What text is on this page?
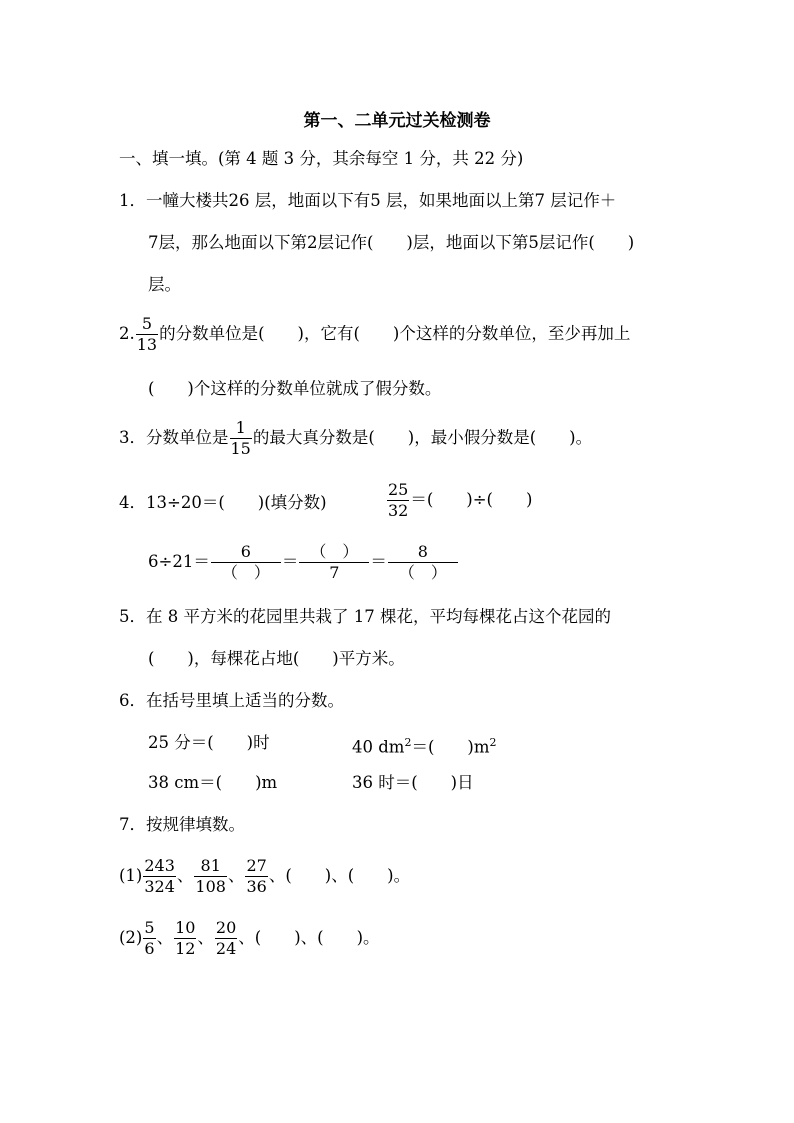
第一、二单元过关检测卷
一、填一填。(第 4 题 3 分，其余每空 1 分，共 22 分)
1．一幢大楼共26 层，地面以下有5 层，如果地面以上第7 层记作＋
7层，那么地面以下第2层记作(　　)层，地面以下第5层记作(　　)
层。
2. $\frac{5}{13}$ 的分数单位是(　　)，它有(　　)个这样的分数单位，至少再加上
(　　)个这样的分数单位就成了假分数。
3．分数单位是 $\frac{1}{15}$ 的最大真分数是(　　)，最小假分数是(　　)。
4．13÷20＝(　　)(填分数)	$\frac{25}{32}$ ＝(　　)÷(　　)
$6\div 21= \frac{6}{( )} = \frac{( )}{7} = \frac{8}{( )}$
5．在 8 平方米的花园里共栽了 17 棵花，平均每棵花占这个花园的
(　　)，每棵花占地(　　)平方米。
6．在括号里填上适当的分数。
25 分＝(　　)时	40 $dm^2=$(　　)$m^2$
38 cm＝(　　)m	36 时＝(　　)日
7．按规律填数。
$(1) \frac{243}{324}$ 、 $\frac{81}{108}$ 、 $\frac{27}{36}$ 、(　　)、(　　)。
$(2) \frac{5}{6}$ 、 $\frac{10}{12}$ 、 $\frac{20}{24}$ 、(　　)、(　　)。
